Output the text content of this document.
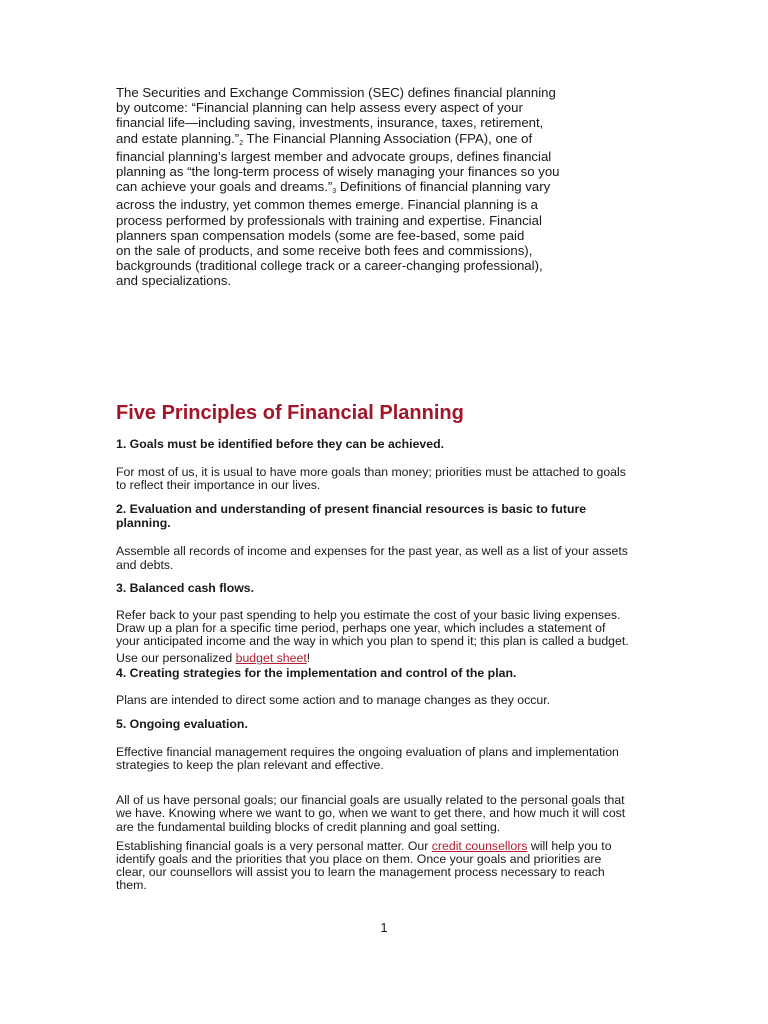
The Securities and Exchange Commission (SEC) defines financial planning
by outcome: “Financial planning can help assess every aspect of your
financial life—including saving, investments, insurance, taxes, retirement,
and estate planning.”$^2$ The Financial Planning Association (FPA), one of
financial planning’s largest member and advocate groups, defines financial
planning as “the long-term process of wisely managing your finances so you
can achieve your goals and dreams.”$^3$ Definitions of financial planning vary
across the industry, yet common themes emerge. Financial planning is a
process performed by professionals with training and expertise. Financial
planners span compensation models (some are fee-based, some paid
on the sale of products, and some receive both fees and commissions),
backgrounds (traditional college track or a career-changing professional),
and specializations.

Five Principles of Financial Planning

1. Goals must be identified before they can be achieved.

For most of us, it is usual to have more goals than money; priorities must be attached to goals
to reflect their importance in our lives.

2. Evaluation and understanding of present financial resources is basic to future
planning.

Assemble all records of income and expenses for the past year, as well as a list of your assets
and debts.

3. Balanced cash flows.

Refer back to your past spending to help you estimate the cost of your basic living expenses.
Draw up a plan for a specific time period, perhaps one year, which includes a statement of
your anticipated income and the way in which you plan to spend it; this plan is called a budget.

Use our personalized budget sheet!

4. Creating strategies for the implementation and control of the plan.

Plans are intended to direct some action and to manage changes as they occur.

5. Ongoing evaluation.

Effective financial management requires the ongoing evaluation of plans and implementation
strategies to keep the plan relevant and effective.

All of us have personal goals; our financial goals are usually related to the personal goals that
we have. Knowing where we want to go, when we want to get there, and how much it will cost
are the fundamental building blocks of credit planning and goal setting.

Establishing financial goals is a very personal matter. Our credit counsellors will help you to
identify goals and the priorities that you place on them. Once your goals and priorities are
clear, our counsellors will assist you to learn the management process necessary to reach
them.

1
